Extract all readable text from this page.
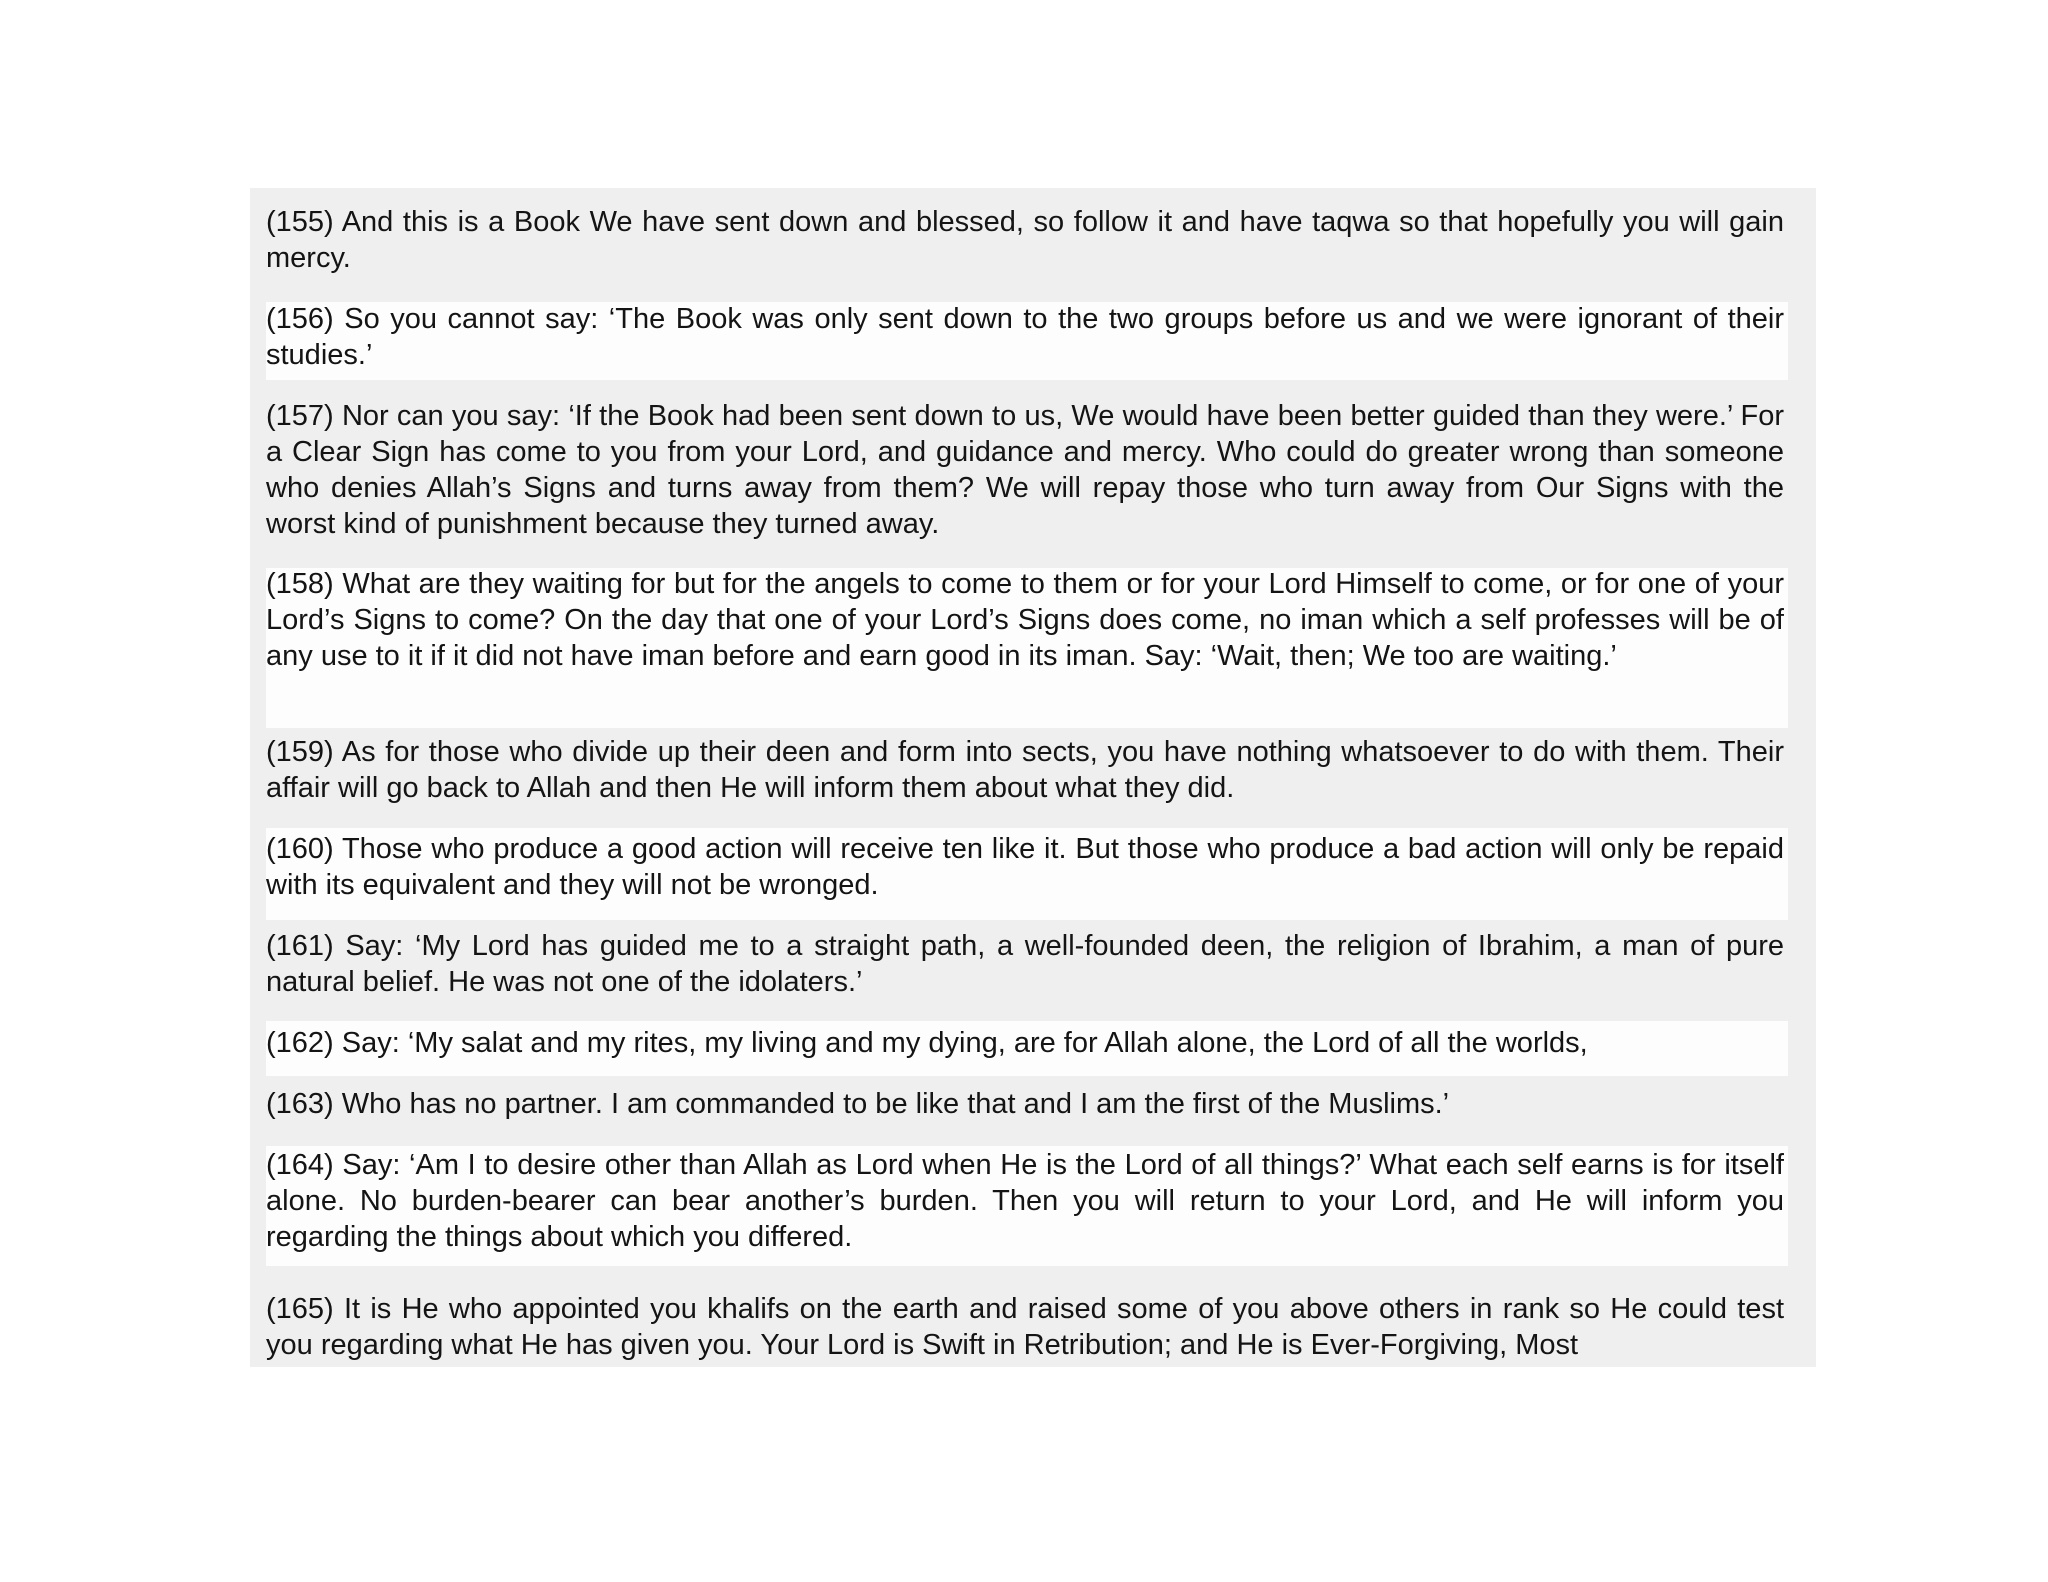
(155) And this is a Book We have sent down and blessed, so follow it and have taqwa so that hopefully you will gain mercy.

(156) So you cannot say: ‘The Book was only sent down to the two groups before us and we were ignorant of their studies.’

(157) Nor can you say: ‘If the Book had been sent down to us, We would have been better guided than they were.’ For a Clear Sign has come to you from your Lord, and guidance and mercy. Who could do greater wrong than someone who denies Allah’s Signs and turns away from them? We will repay those who turn away from Our Signs with the worst kind of punishment because they turned away.

(158) What are they waiting for but for the angels to come to them or for your Lord Himself to come, or for one of your Lord’s Signs to come? On the day that one of your Lord’s Signs does come, no iman which a self professes will be of any use to it if it did not have iman before and earn good in its iman. Say: ‘Wait, then; We too are waiting.’

(159) As for those who divide up their deen and form into sects, you have nothing whatsoever to do with them. Their affair will go back to Allah and then He will inform them about what they did.

(160) Those who produce a good action will receive ten like it. But those who produce a bad action will only be repaid with its equivalent and they will not be wronged.

(161) Say: ‘My Lord has guided me to a straight path, a well-founded deen, the religion of Ibrahim, a man of pure natural belief. He was not one of the idolaters.’

(162) Say: ‘My salat and my rites, my living and my dying, are for Allah alone, the Lord of all the worlds,

(163) Who has no partner. I am commanded to be like that and I am the first of the Muslims.’

(164) Say: ‘Am I to desire other than Allah as Lord when He is the Lord of all things?’ What each self earns is for itself alone. No burden-bearer can bear another’s burden. Then you will return to your Lord, and He will inform you regarding the things about which you differed.

(165) It is He who appointed you khalifs on the earth and raised some of you above others in rank so He could test you regarding what He has given you. Your Lord is Swift in Retribution; and He is Ever-Forgiving, Most
